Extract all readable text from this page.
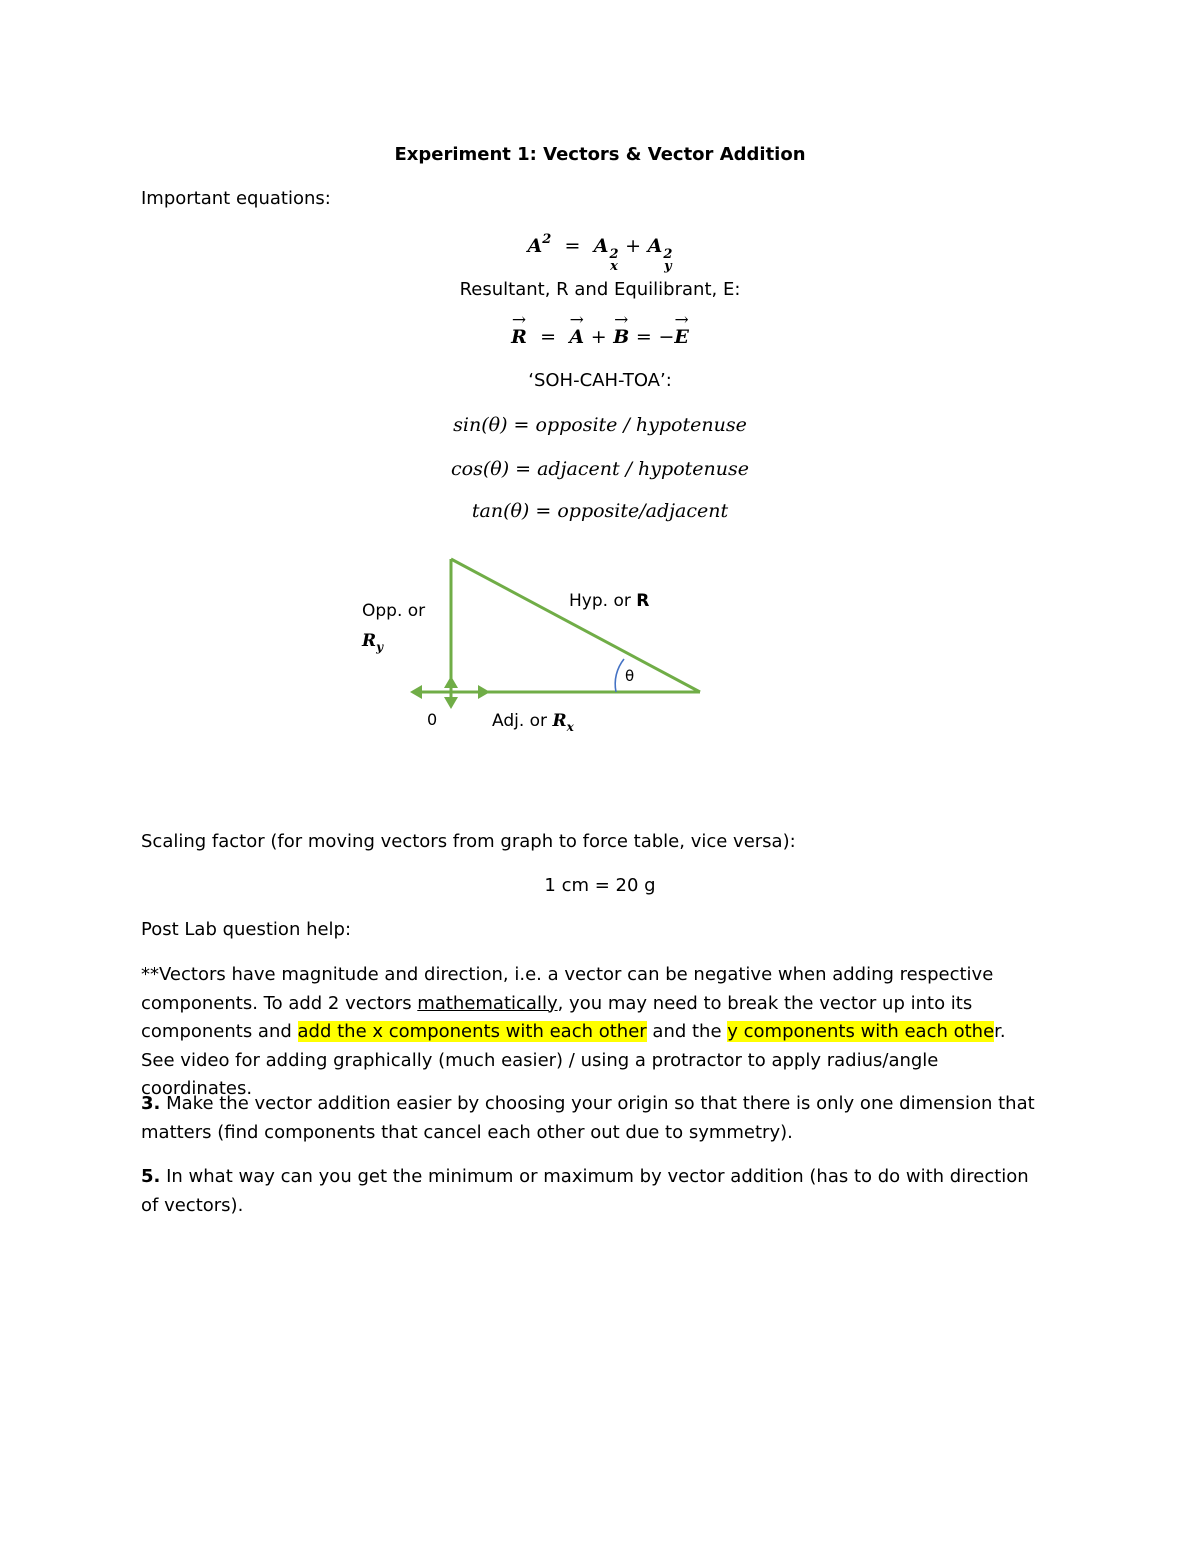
Experiment 1: Vectors & Vector Addition
Important equations:
$A^2 = A$ 2
x
+ A 2
y
Resultant, R and Equilibrant, E:
→ R = → A + → B = −→ E
‘SOH-CAH-TOA’:
sin(θ) = opposite / hypotenuse
cos(θ) = adjacent / hypotenuse
tan(θ) = opposite/adjacent
Opp. or
$R_y$
Hyp. or R
θ
0	Adj. or $R_x$
Scaling factor (for moving vectors from graph to force table, vice versa):
1 cm = 20 g
Post Lab question help:
**Vectors have magnitude and direction, i.e. a vector can be negative when adding respective components. To add 2 vectors mathematically, you may need to break the vector up into its components and add the x components with each other and the y components with each other. See video for adding graphically (much easier) / using a protractor to apply radius/angle coordinates.
3. Make the vector addition easier by choosing your origin so that there is only one dimension that matters (find components that cancel each other out due to symmetry).
5. In what way can you get the minimum or maximum by vector addition (has to do with direction of vectors).
